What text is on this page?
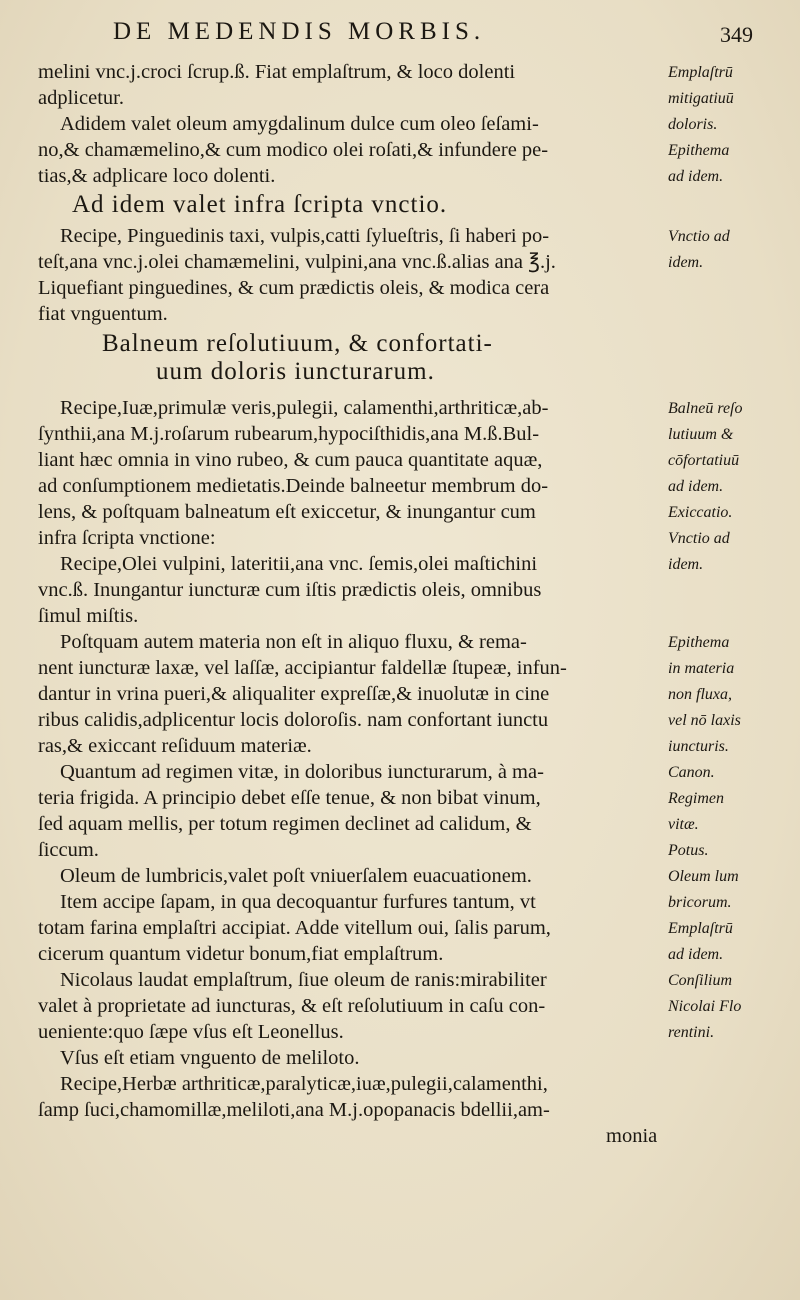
DE MEDENDIS MORBIS.	349
melini vnc.j.croci ſcrup.ß. Fiat emplaſtrum, & loco dolenti
adplicetur.
Adidem valet oleum amygdalinum dulce cum oleo ſeſami-
no,& chamæmelino,& cum modico olei roſati,& infundere pe-
tias,& adplicare loco dolenti.
Ad idem valet infra ſcripta vnctio.
Recipe, Pinguedinis taxi, vulpis,catti ſylueſtris, ſi haberi po-
teſt,ana vnc.j.olei chamæmelini, vulpini,ana vnc.ß.alias ana ℥.j.
Liquefiant pinguedines, & cum prædictis oleis, & modica cera
fiat vnguentum.
Balneum reſolutiuum, & confortati-
uum doloris iuncturarum.
Recipe,Iuæ,primulæ veris,pulegii, calamenthi,arthriticæ,ab-
ſynthii,ana M.j.roſarum rubearum,hypociſthidis,ana M.ß.Bul-
liant hæc omnia in vino rubeo, & cum pauca quantitate aquæ,
ad conſumptionem medietatis.Deinde balneetur membrum do-
lens, & poſtquam balneatum eſt exiccetur, & inungantur cum
infra ſcripta vnctione:
Recipe,Olei vulpini, lateritii,ana vnc. ſemis,olei maſtichini
vnc.ß. Inungantur iuncturæ cum iſtis prædictis oleis, omnibus
ſimul miſtis.
Poſtquam autem materia non eſt in aliquo fluxu, & rema-
nent iuncturæ laxæ, vel laſſæ, accipiantur faldellæ ſtupeæ, infun-
dantur in vrina pueri,& aliqualiter expreſſæ,& inuolutæ in cine
ribus calidis,adplicentur locis doloroſis. nam confortant iunctu
ras,& exiccant reſiduum materiæ.
Quantum ad regimen vitæ, in doloribus iuncturarum, à ma-
teria frigida. A principio debet eſſe tenue, & non bibat vinum,
ſed aquam mellis, per totum regimen declinet ad calidum, &
ſiccum.
Oleum de lumbricis,valet poſt vniuerſalem euacuationem.
Item accipe ſapam, in qua decoquantur furfures tantum, vt
totam farina emplaſtri accipiat. Adde vitellum oui, ſalis parum,
cicerum quantum videtur bonum,fiat emplaſtrum.
Nicolaus laudat emplaſtrum, ſiue oleum de ranis:mirabiliter
valet à proprietate ad iuncturas, & eſt reſolutiuum in caſu con-
ueniente:quo ſæpe vſus eſt Leonellus.
Vſus eſt etiam vnguento de meliloto.
Recipe,Herbæ arthriticæ,paralyticæ,iuæ,pulegii,calamenthi,
ſamp ſuci,chamomillæ,meliloti,ana M.j.opopanacis bdellii,am-
monia
Emplaſtrū
mitigatiuū
doloris.
Epithema
ad idem.
Vnctio ad
idem.
Balneū reſo
lutiuum &
cōfortatiuū
ad idem.
Exiccatio.
Vnctio ad
idem.
Epithema
in materia
non fluxa,
vel nō laxis
iuncturis.
Canon.
Regimen
vitæ.
Potus.
Oleum lum
bricorum.
Emplaſtrū
ad idem.
Conſilium
Nicolai Flo
rentini.
